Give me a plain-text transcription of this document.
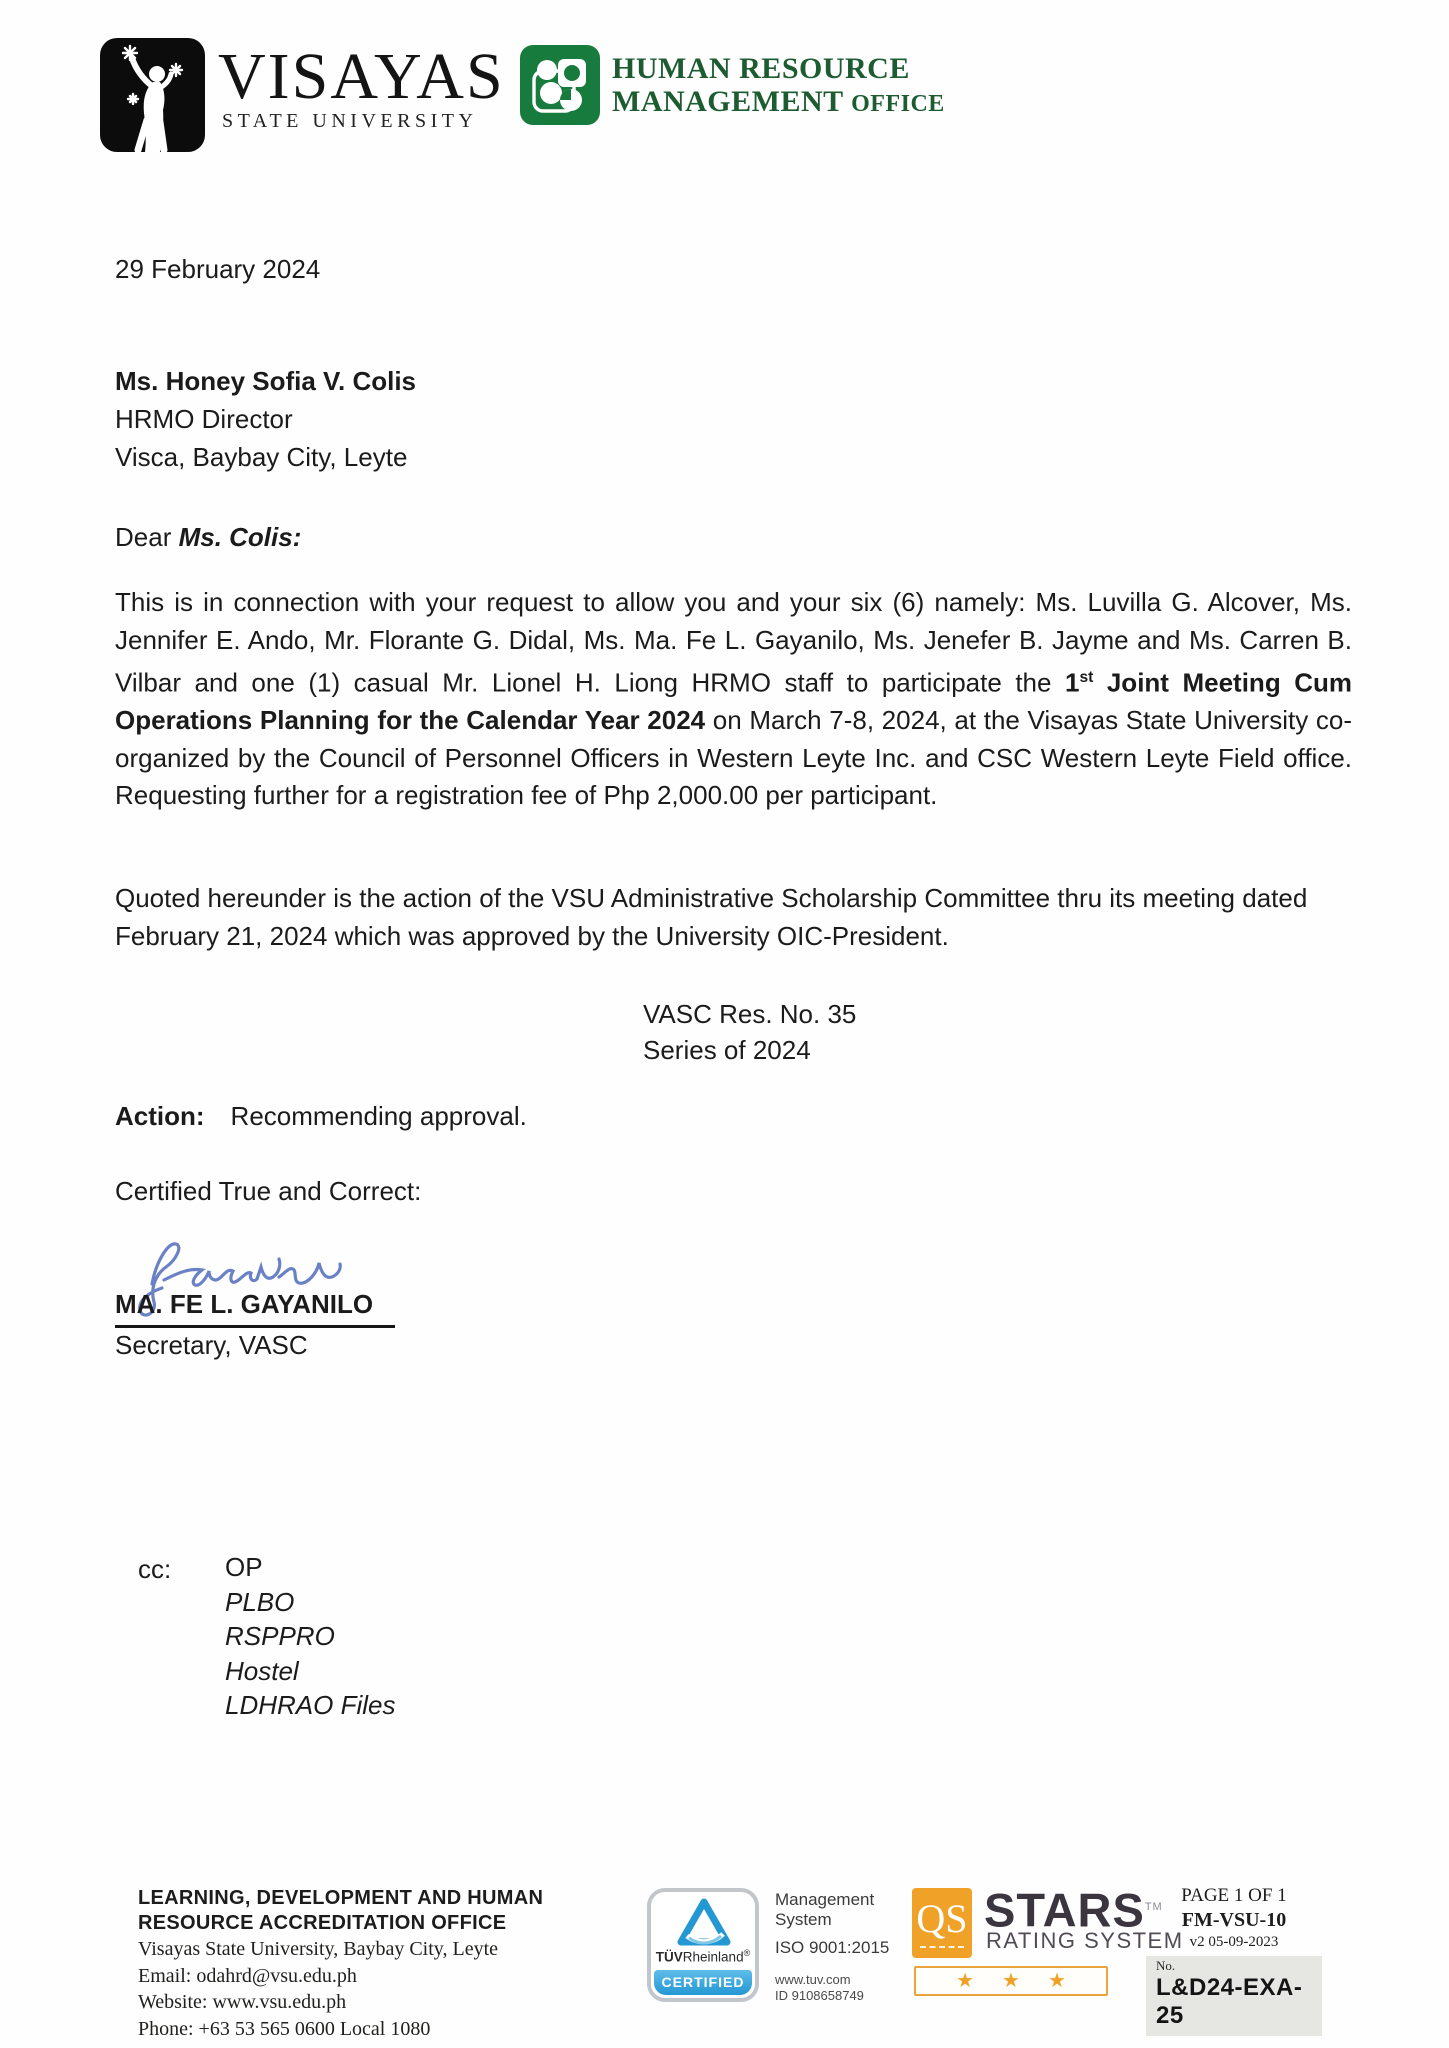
VISAYAS
STATE UNIVERSITY
HUMAN RESOURCE
MANAGEMENT OFFICE
29 February 2024
Ms. Honey Sofia V. Colis
HRMO Director
Visca, Baybay City, Leyte
Dear Ms. Colis:

This is in connection with your request to allow you and your six (6) namely: Ms. Luvilla G. Alcover, Ms. Jennifer E. Ando, Mr. Florante G. Didal, Ms. Ma. Fe L. Gayanilo, Ms. Jenefer B. Jayme and Ms. Carren B. Vilbar and one (1) casual Mr. Lionel H. Liong HRMO staff to participate the 1st Joint Meeting Cum Operations Planning for the Calendar Year 2024 on March 7-8, 2024, at the Visayas State University co-organized by the Council of Personnel Officers in Western Leyte Inc. and CSC Western Leyte Field office. Requesting further for a registration fee of Php 2,000.00 per participant.

Quoted hereunder is the action of the VSU Administrative Scholarship Committee thru its meeting dated February 21, 2024 which was approved by the University OIC-President.

VASC Res. No. 35
Series of 2024
Action: Recommending approval.
Certified True and Correct:
MA. FE L. GAYANILO
Secretary, VASC
cc: OP
PLBO
RSPPRO
Hostel
LDHRAO Files
LEARNING, DEVELOPMENT AND HUMAN
RESOURCE ACCREDITATION OFFICE
Visayas State University, Baybay City, Leyte
Email: odahrd@vsu.edu.ph
Website: www.vsu.edu.ph
Phone: +63 53 565 0600 Local 1080
TÜVRheinland®
CERTIFIED
Management
System
ISO 9001:2015
www.tuv.com
ID 9108658749
QS STARS™
RATING SYSTEM
★ ★ ★
PAGE 1 OF 1
FM-VSU-10
v2 05-09-2023
No.
L&D24-EXA-25
